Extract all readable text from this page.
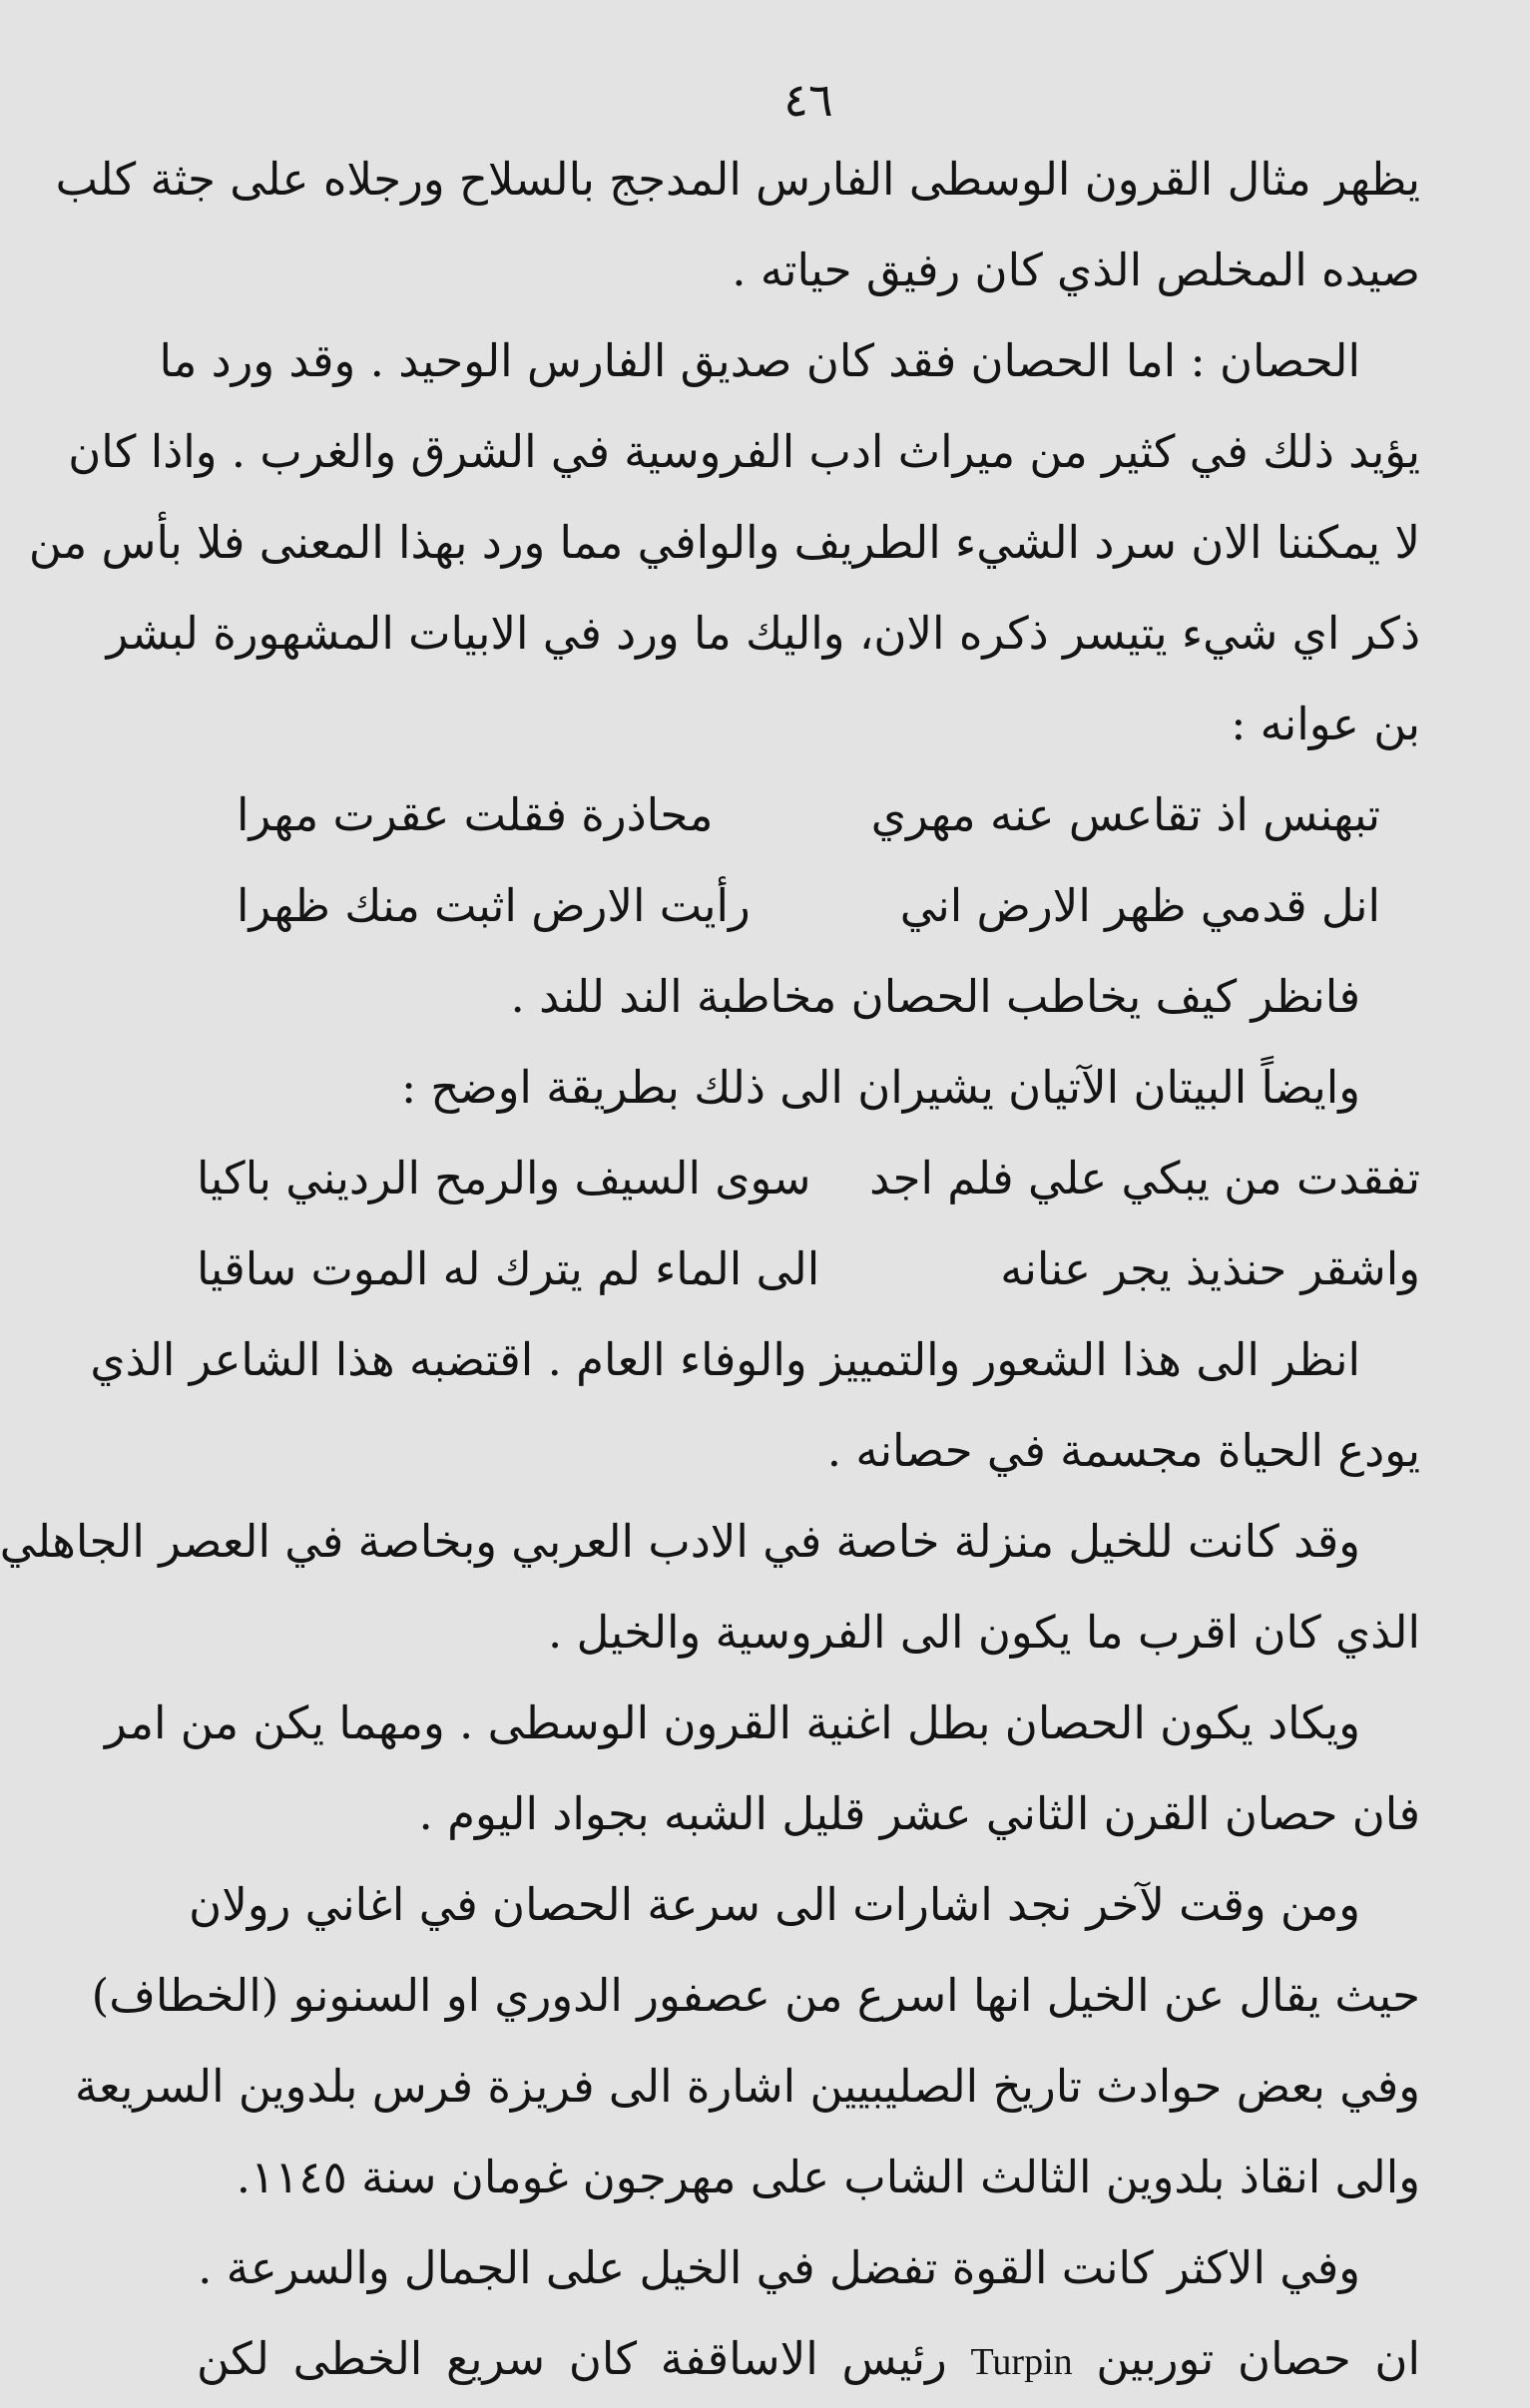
٤٦
يظهر مثال القرون الوسطى الفارس المدجج بالسلاح ورجلاه على جثة كلب
صيده المخلص الذي كان رفيق حياته .
الحصان : اما الحصان فقد كان صديق الفارس الوحيد . وقد ورد ما
يؤيد ذلك في كثير من ميراث ادب الفروسية في الشرق والغرب . واذا كان
لا يمكننا الان سرد الشيء الطريف والوافي مما ورد بهذا المعنى فلا بأس من
ذكر اي شيء يتيسر ذكره الان، واليك ما ورد في الابيات المشهورة لبشر
بن عوانه :
تبهنس اذ تقاعس عنه مهري
محاذرة فقلت عقرت مهرا
انل قدمي ظهر الارض اني
رأيت الارض اثبت منك ظهرا
فانظر كيف يخاطب الحصان مخاطبة الند للند .
وايضاً البيتان الآتيان يشيران الى ذلك بطريقة اوضح :
تفقدت من يبكي علي فلم اجد
سوى السيف والرمح الرديني باكيا
واشقر حنذيذ يجر عنانه
الى الماء لم يترك له الموت ساقيا
انظر الى هذا الشعور والتمييز والوفاء العام . اقتضبه هذا الشاعر الذي
يودع الحياة مجسمة في حصانه .
وقد كانت للخيل منزلة خاصة في الادب العربي وبخاصة في العصر الجاهلي
الذي كان اقرب ما يكون الى الفروسية والخيل .
ويكاد يكون الحصان بطل اغنية القرون الوسطى . ومهما يكن من امر
فان حصان القرن الثاني عشر قليل الشبه بجواد اليوم .
ومن وقت لآخر نجد اشارات الى سرعة الحصان في اغاني رولان
حيث يقال عن الخيل انها اسرع من عصفور الدوري او السنونو (الخطاف)
وفي بعض حوادث تاريخ الصليبيين اشارة الى فريزة فرس بلدوين السريعة
والى انقاذ بلدوين الثالث الشاب على مهرجون غومان سنة ١١٤٥.
وفي الاكثر كانت القوة تفضل في الخيل على الجمال والسرعة .
ان حصان توربين Turpin رئيس الاساقفة كان سريع الخطى لكن
